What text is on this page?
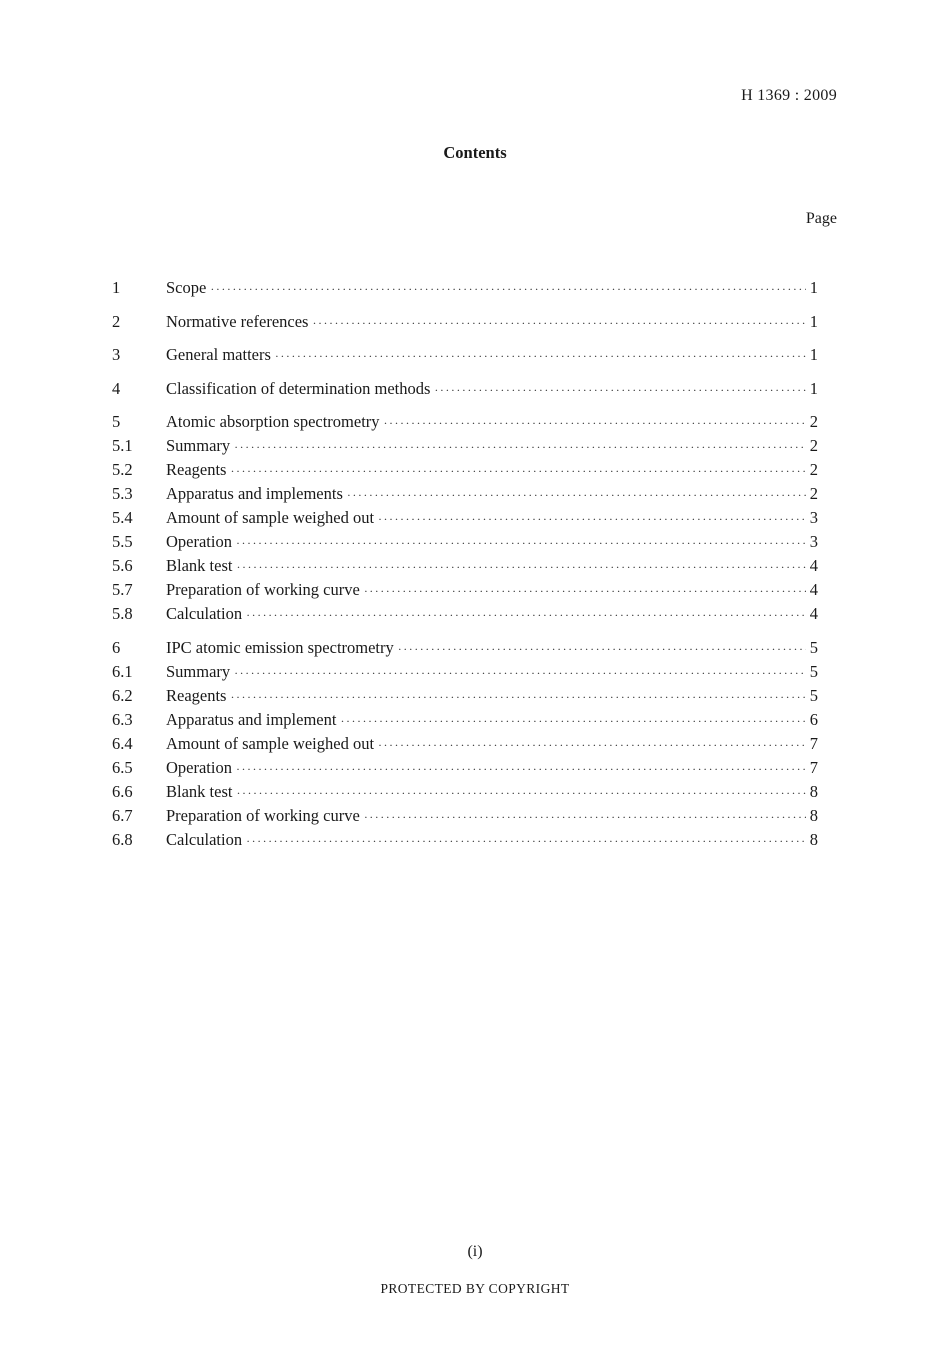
H 1369 : 2009
Contents
Page
1	Scope ·····	1
2	Normative references ·····	1
3	General matters ·····	1
4	Classification of determination methods ·····	1
5	Atomic absorption spectrometry ·····	2
5.1	Summary ·····	2
5.2	Reagents ·····	2
5.3	Apparatus and implements ·····	2
5.4	Amount of sample weighed out ·····	3
5.5	Operation ·····	3
5.6	Blank test ·····	4
5.7	Preparation of working curve ·····	4
5.8	Calculation ·····	4
6	IPC atomic emission spectrometry ·····	5
6.1	Summary ·····	5
6.2	Reagents ·····	5
6.3	Apparatus and implement ·····	6
6.4	Amount of sample weighed out ·····	7
6.5	Operation ·····	7
6.6	Blank test ·····	8
6.7	Preparation of working curve ·····	8
6.8	Calculation ·····	8
(i)
PROTECTED BY COPYRIGHT
